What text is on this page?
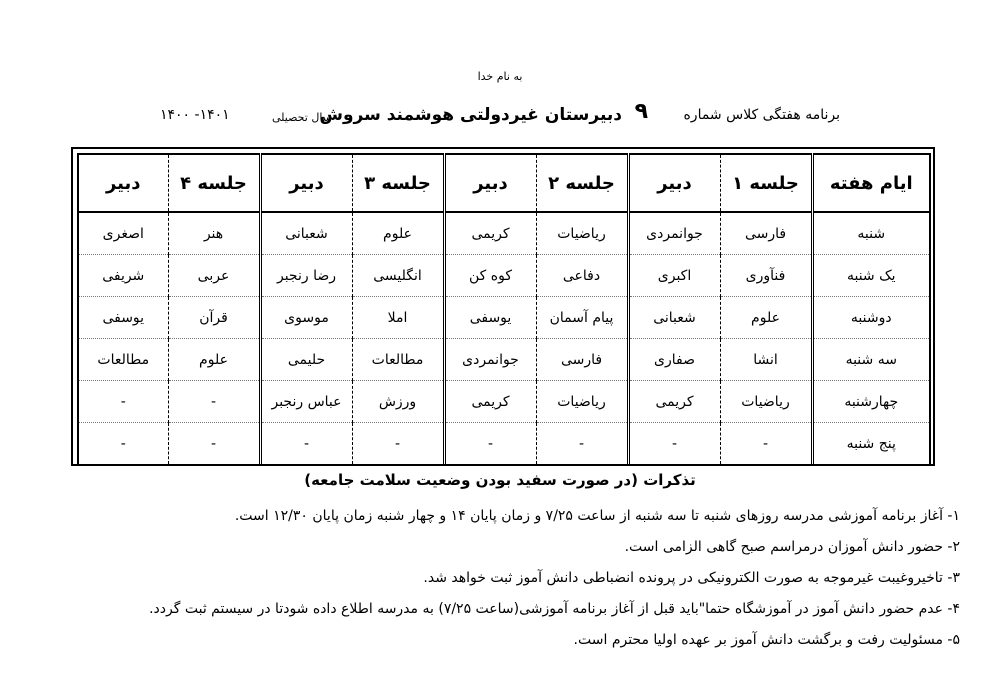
به نام خدا
برنامه هفتگی کلاس شماره
۹
دبیرستان غیردولتی هوشمند سروش
سال تحصیلی
۱۴۰۱- ۱۴۰۰
ایام هفته	جلسه ۱	دبیر	جلسه ۲	دبیر	جلسه ۳	دبیر	جلسه ۴	دبیر
شنبه	فارسی	جوانمردی	ریاضیات	کریمی	علوم	شعبانی	هنر	اصغری
یک شنبه	فنآوری	اکبری	دفاعی	کوه کن	انگلیسی	رضا رنجبر	عربی	شریفی
دوشنبه	علوم	شعبانی	پیام آسمان	یوسفی	املا	موسوی	قرآن	یوسفی
سه شنبه	انشا	صفاری	فارسی	جوانمردی	مطالعات	حلیمی	علوم	مطالعات
چهارشنبه	ریاضیات	کریمی	ریاضیات	کریمی	ورزش	عباس رنجبر	-	-
پنج شنبه	-	-	-	-	-	-	-	-
تذکرات (در صورت سفید بودن وضعیت سلامت جامعه)
۱- آغاز برنامه آموزشی مدرسه روزهای شنبه تا سه شنبه از ساعت ۷/۲۵ و زمان پایان ۱۴ و چهار شنبه زمان پایان ۱۲/۳۰ است.
۲- حضور دانش آموزان درمراسم صبح گاهی الزامی است.
۳- تاخیروغیبت غیرموجه به صورت الکترونیکی در پرونده انضباطی دانش آموز ثبت خواهد شد.
۴- عدم حضور دانش آموز در آموزشگاه حتما"باید قبل از آغاز برنامه آموزشی(ساعت ۷/۲۵) به مدرسه اطلاع داده شودتا در سیستم ثبت گردد.
۵- مسئولیت رفت و برگشت دانش آموز بر عهده اولیا محترم است.
